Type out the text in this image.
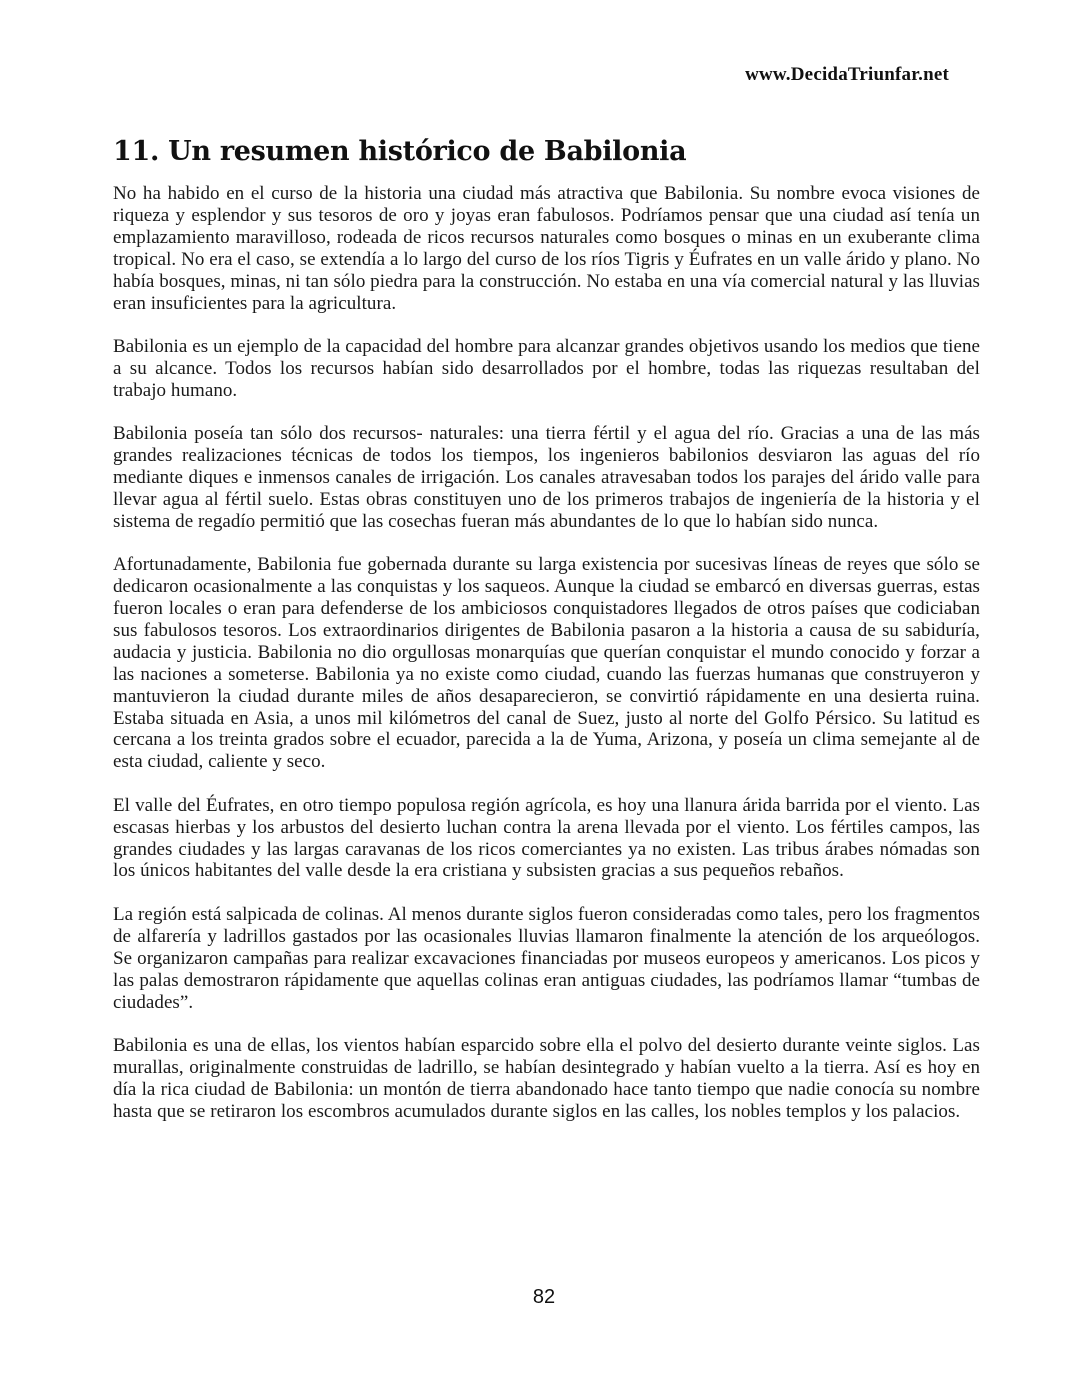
www.DecidaTriunfar.net
11. Un resumen histórico de Babilonia

No ha habido en el curso de la historia una ciudad más atractiva que Babilonia. Su nombre evoca visiones de riqueza y esplendor y sus tesoros de oro y joyas eran fabulosos. Podríamos pensar que una ciudad así tenía un emplazamiento maravilloso, rodeada de ricos recursos naturales como bosques o minas en un exuberante clima tropical. No era el caso, se extendía a lo largo del curso de los ríos Tigris y Éufrates en un valle árido y plano. No había bosques, minas, ni tan sólo piedra para la construcción. No estaba en una vía comercial natural y las lluvias eran insuficientes para la agricultura.

Babilonia es un ejemplo de la capacidad del hombre para alcanzar grandes objetivos usando los medios que tiene a su alcance. Todos los recursos habían sido desarrollados por el hombre, todas las riquezas resultaban del trabajo humano.

Babilonia poseía tan sólo dos recursos- naturales: una tierra fértil y el agua del río. Gracias a una de las más grandes realizaciones técnicas de todos los tiempos, los ingenieros babilonios desviaron las aguas del río mediante diques e inmensos canales de irrigación. Los canales atravesaban todos los parajes del árido valle para llevar agua al fértil suelo. Estas obras constituyen uno de los primeros trabajos de ingeniería de la historia y el sistema de regadío permitió que las cosechas fueran más abundantes de lo que lo habían sido nunca.

Afortunadamente, Babilonia fue gobernada durante su larga existencia por sucesivas líneas de reyes que sólo se dedicaron ocasionalmente a las conquistas y los saqueos. Aunque la ciudad se embarcó en diversas guerras, estas fueron locales o eran para defenderse de los ambiciosos conquistadores llegados de otros países que codiciaban sus fabulosos tesoros. Los extraordinarios dirigentes de Babilonia pasaron a la historia a causa de su sabiduría, audacia y justicia. Babilonia no dio orgullosas monarquías que querían conquistar el mundo conocido y forzar a las naciones a someterse. Babilonia ya no existe como ciudad, cuando las fuerzas humanas que construyeron y mantuvieron la ciudad durante miles de años desaparecieron, se convirtió rápidamente en una desierta ruina. Estaba situada en Asia, a unos mil kilómetros del canal de Suez, justo al norte del Golfo Pérsico. Su latitud es cercana a los treinta grados sobre el ecuador, parecida a la de Yuma, Arizona, y poseía un clima semejante al de esta ciudad, caliente y seco.

El valle del Éufrates, en otro tiempo populosa región agrícola, es hoy una llanura árida barrida por el viento. Las escasas hierbas y los arbustos del desierto luchan contra la arena llevada por el viento. Los fértiles campos, las grandes ciudades y las largas caravanas de los ricos comerciantes ya no existen. Las tribus árabes nómadas son los únicos habitantes del valle desde la era cristiana y subsisten gracias a sus pequeños rebaños.

La región está salpicada de colinas. Al menos durante siglos fueron consideradas como tales, pero los fragmentos de alfarería y ladrillos gastados por las ocasionales lluvias llamaron finalmente la atención de los arqueólogos. Se organizaron campañas para realizar excavaciones financiadas por museos europeos y americanos. Los picos y las palas demostraron rápidamente que aquellas colinas eran antiguas ciudades, las podríamos llamar “tumbas de ciudades”.

Babilonia es una de ellas, los vientos habían esparcido sobre ella el polvo del desierto durante veinte siglos. Las murallas, originalmente construidas de ladrillo, se habían desintegrado y habían vuelto a la tierra. Así es hoy en día la rica ciudad de Babilonia: un montón de tierra abandonado hace tanto tiempo que nadie conocía su nombre hasta que se retiraron los escombros acumulados durante siglos en las calles, los nobles templos y los palacios.

82
